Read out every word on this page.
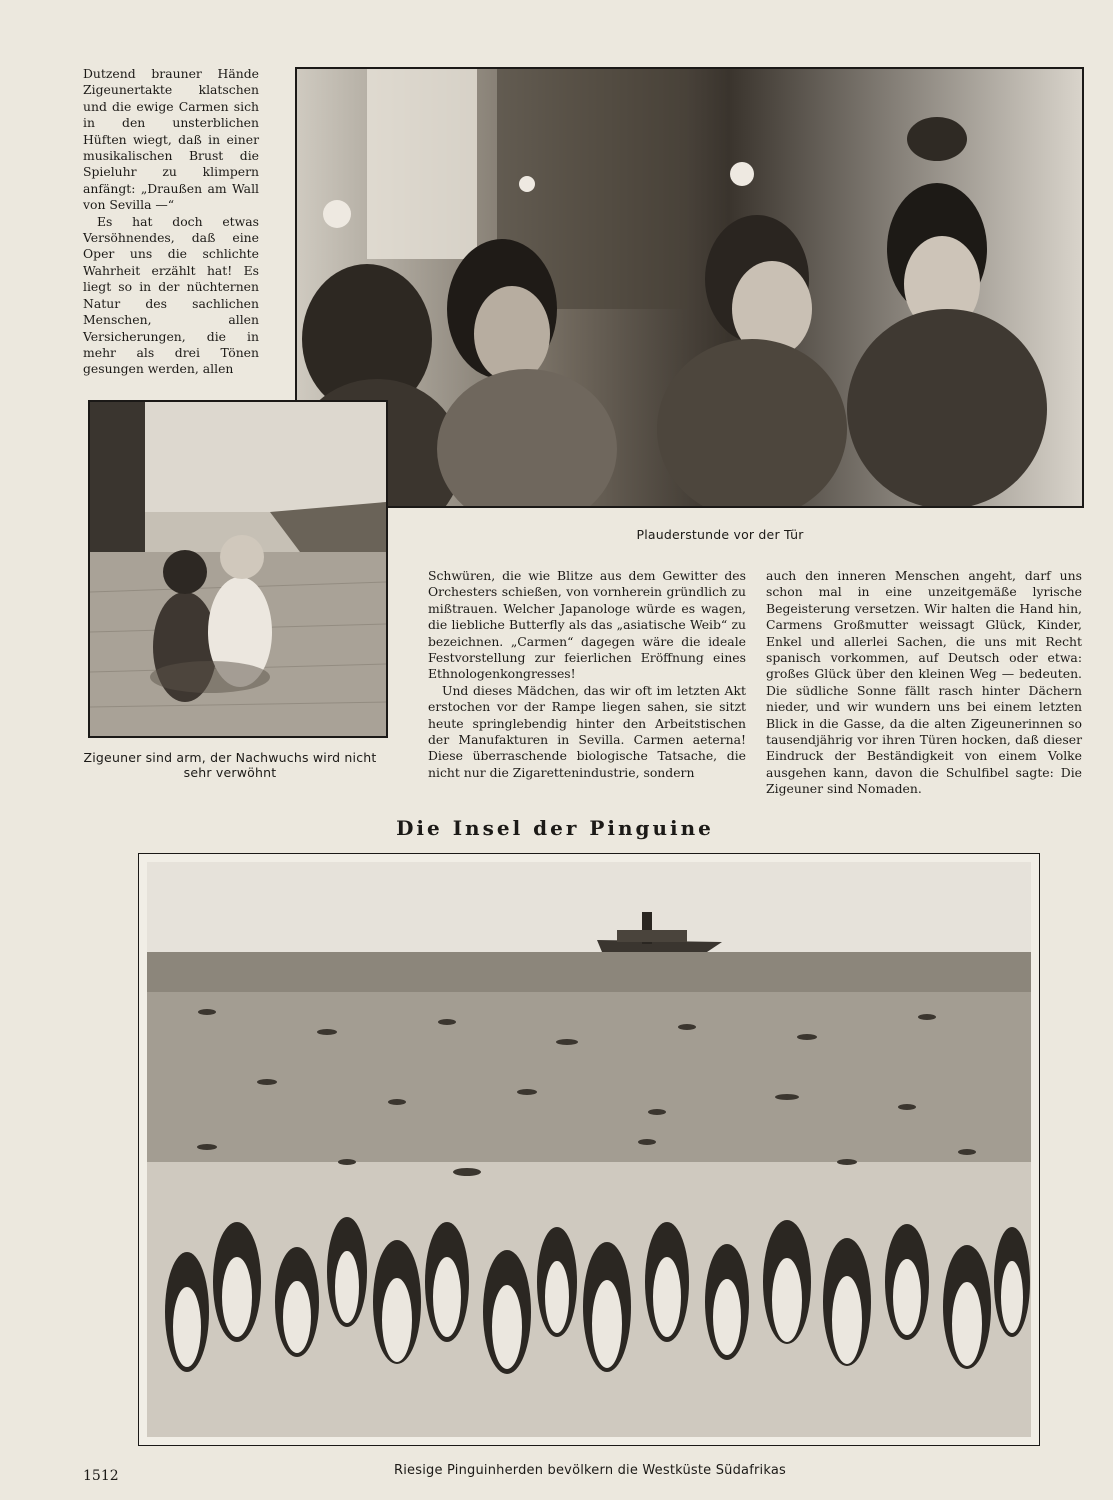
Dutzend brauner Hände Zigeunertakte klatschen und die ewige Carmen sich in den unsterblichen Hüften wiegt, daß in einer musikalischen Brust die Spieluhr zu klimpern anfängt: „Draußen am Wall von Sevilla —“

Es hat doch etwas Versöhnendes, daß eine Oper uns die schlichte Wahrheit erzählt hat! Es liegt so in der nüchternen Natur des sachlichen Menschen, allen Versicherungen, die in mehr als drei Tönen gesungen werden, allen

Plauderstunde vor der Tür
Zigeuner sind arm, der Nachwuchs wird nicht sehr verwöhnt

Schwüren, die wie Blitze aus dem Gewitter des Orchesters schießen, von vornherein gründlich zu mißtrauen. Welcher Japanologe würde es wagen, die liebliche Butterfly als das „asiatische Weib“ zu bezeichnen. „Carmen“ dagegen wäre die ideale Festvorstellung zur feierlichen Eröffnung eines Ethnologenkongresses!

Und dieses Mädchen, das wir oft im letzten Akt erstochen vor der Rampe liegen sahen, sie sitzt heute springlebendig hinter den Arbeitstischen der Manufakturen in Sevilla. Carmen aeterna! Diese überraschende biologische Tatsache, die nicht nur die Zigarettenindustrie, sondern

auch den inneren Menschen angeht, darf uns schon mal in eine unzeitgemäße lyrische Begeisterung versetzen. Wir halten die Hand hin, Carmens Großmutter weissagt Glück, Kinder, Enkel und allerlei Sachen, die uns mit Recht spanisch vorkommen, auf Deutsch oder etwa: großes Glück über den kleinen Weg — bedeuten. Die südliche Sonne fällt rasch hinter Dächern nieder, und wir wundern uns bei einem letzten Blick in die Gasse, da die alten Zigeunerinnen so tausendjährig vor ihren Türen hocken, daß dieser Eindruck der Beständigkeit von einem Volke ausgehen kann, davon die Schulfibel sagte: Die Zigeuner sind Nomaden.

Die Insel der Pinguine
Riesige Pinguinherden bevölkern die Westküste Südafrikas
1512
